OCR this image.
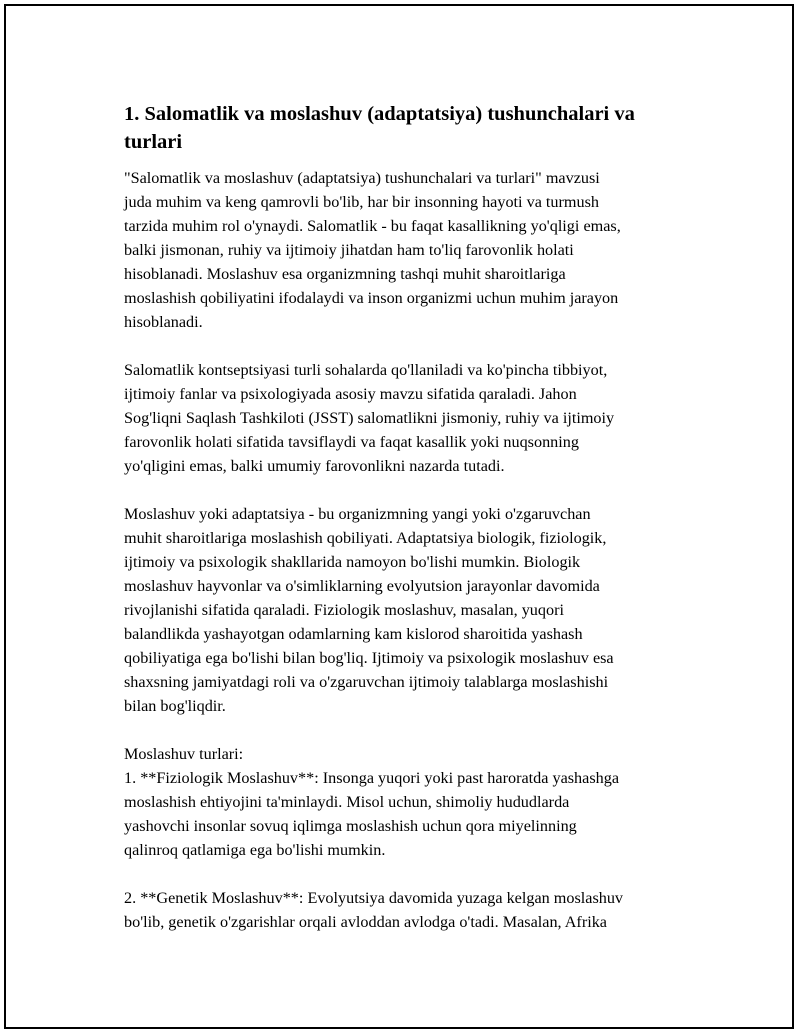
1. Salomatlik va moslashuv (adaptatsiya) tushunchalari va
turlari

"Salomatlik va moslashuv (adaptatsiya) tushunchalari va turlari" mavzusi
juda muhim va keng qamrovli bo'lib, har bir insonning hayoti va turmush
tarzida muhim rol o'ynaydi. Salomatlik - bu faqat kasallikning yo'qligi emas,
balki jismonan, ruhiy va ijtimoiy jihatdan ham to'liq farovonlik holati
hisoblanadi. Moslashuv esa organizmning tashqi muhit sharoitlariga
moslashish qobiliyatini ifodalaydi va inson organizmi uchun muhim jarayon
hisoblanadi.

Salomatlik kontseptsiyasi turli sohalarda qo'llaniladi va ko'pincha tibbiyot,
ijtimoiy fanlar va psixologiyada asosiy mavzu sifatida qaraladi. Jahon
Sog'liqni Saqlash Tashkiloti (JSST) salomatlikni jismoniy, ruhiy va ijtimoiy
farovonlik holati sifatida tavsiflaydi va faqat kasallik yoki nuqsonning
yo'qligini emas, balki umumiy farovonlikni nazarda tutadi.

Moslashuv yoki adaptatsiya - bu organizmning yangi yoki o'zgaruvchan
muhit sharoitlariga moslashish qobiliyati. Adaptatsiya biologik, fiziologik,
ijtimoiy va psixologik shakllarida namoyon bo'lishi mumkin. Biologik
moslashuv hayvonlar va o'simliklarning evolyutsion jarayonlar davomida
rivojlanishi sifatida qaraladi. Fiziologik moslashuv, masalan, yuqori
balandlikda yashayotgan odamlarning kam kislorod sharoitida yashash
qobiliyatiga ega bo'lishi bilan bog'liq. Ijtimoiy va psixologik moslashuv esa
shaxsning jamiyatdagi roli va o'zgaruvchan ijtimoiy talablarga moslashishi
bilan bog'liqdir.

Moslashuv turlari:
1. **Fiziologik Moslashuv**: Insonga yuqori yoki past haroratda yashashga
moslashish ehtiyojini ta'minlaydi. Misol uchun, shimoliy hududlarda
yashovchi insonlar sovuq iqlimga moslashish uchun qora miyelinning
qalinroq qatlamiga ega bo'lishi mumkin.

2. **Genetik Moslashuv**: Evolyutsiya davomida yuzaga kelgan moslashuv
bo'lib, genetik o'zgarishlar orqali avloddan avlodga o'tadi. Masalan, Afrika
